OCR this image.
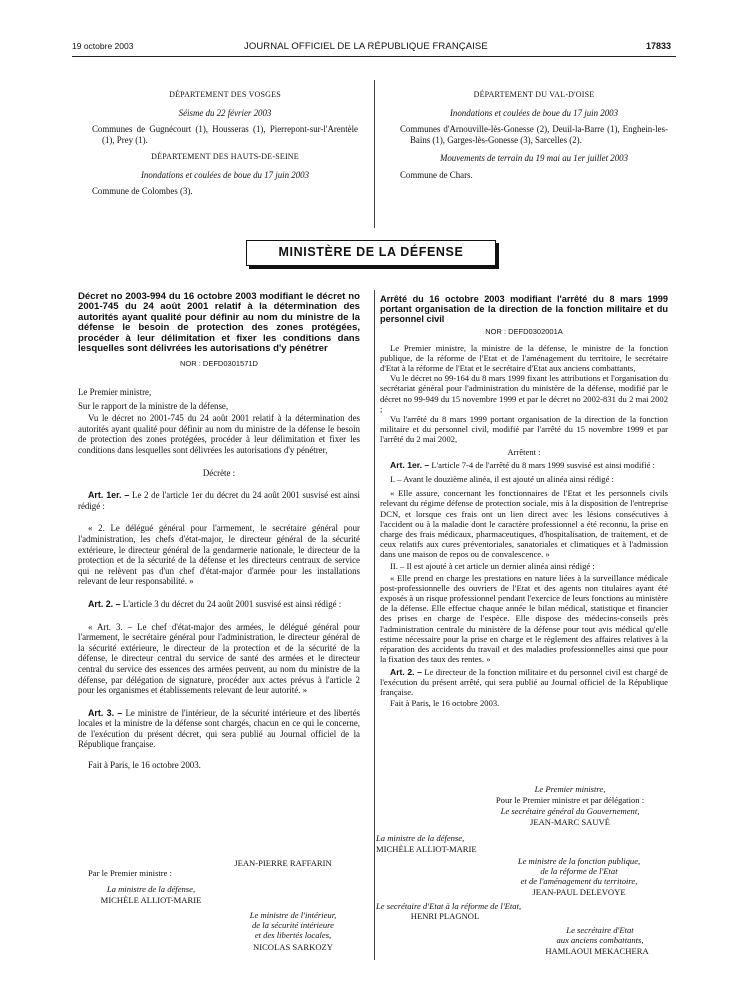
19 octobre 2003	JOURNAL OFFICIEL DE LA RÉPUBLIQUE FRANÇAISE	17833

DÉPARTEMENT DES VOSGES

Séisme du 22 février 2003

Communes de Gugnécourt (1), Housseras (1), Pierrepont-sur-l'Arentèle (1), Prey (1).

DÉPARTEMENT DES HAUTS-DE-SEINE

Inondations et coulées de boue du 17 juin 2003

Commune de Colombes (3).

DÉPARTEMENT DU VAL-D'OISE

Inondations et coulées de boue du 17 juin 2003

Communes d'Arnouville-lès-Gonesse (2), Deuil-la-Barre (1), Enghein-les-Bains (1), Garges-lès-Gonesse (3), Sarcelles (2).

Mouvements de terrain du 19 mai au 1er juillet 2003

Commune de Chars.

MINISTÈRE DE LA DÉFENSE

Décret no 2003-994 du 16 octobre 2003 modifiant le décret no 2001-745 du 24 août 2001 relatif à la détermination des autorités ayant qualité pour définir au nom du ministre de la défense le besoin de protection des zones protégées, procéder à leur délimitation et fixer les conditions dans lesquelles sont délivrées les autorisations d'y pénétrer

NOR : DEFD0301571D

Le Premier ministre,

Sur le rapport de la ministre de la défense,

Vu le décret no 2001-745 du 24 août 2001 relatif à la détermination des autorités ayant qualité pour définir au nom du ministre de la défense le besoin de protection des zones protégées, procéder à leur délimitation et fixer les conditions dans lesquelles sont délivrées les autorisations d'y pénétrer,

Décrète :

Art. 1er. – Le 2 de l'article 1er du décret du 24 août 2001 susvisé est ainsi rédigé :

« 2. Le délégué général pour l'armement, le secrétaire général pour l'administration, les chefs d'état-major, le directeur général de la sécurité extérieure, le directeur général de la gendarmerie nationale, le directeur de la protection et de la sécurité de la défense et les directeurs centraux de service qui ne relèvent pas d'un chef d'état-major d'armée pour les installations relevant de leur responsabilité. »

Art. 2. – L'article 3 du décret du 24 août 2001 susvisé est ainsi rédigé :

« Art. 3. – Le chef d'état-major des armées, le délégué général pour l'armement, le secrétaire général pour l'administration, le directeur général de la sécurité extérieure, le directeur de la protection et de la sécurité de la défense, le directeur central du service de santé des armées et le directeur central du service des essences des armées peuvent, au nom du ministre de la défense, par délégation de signature, procéder aux actes prévus à l'article 2 pour les organismes et établissements relevant de leur autorité. »

Art. 3. – Le ministre de l'intérieur, de la sécurité intérieure et des libertés locales et la ministre de la défense sont chargés, chacun en ce qui le concerne, de l'exécution du présent décret, qui sera publié au Journal officiel de la République française.

Fait à Paris, le 16 octobre 2003.

JEAN-PIERRE RAFFARIN
Par le Premier ministre :
La ministre de la défense,
MICHÈLE ALLIOT-MARIE
Le ministre de l'intérieur,
de la sécurité intérieure
et des libertés locales,
NICOLAS SARKOZY

Arrêté du 16 octobre 2003 modifiant l'arrêté du 8 mars 1999 portant organisation de la direction de la fonction militaire et du personnel civil

NOR : DEFD0302001A

Le Premier ministre, la ministre de la défense, le ministre de la fonction publique, de la réforme de l'Etat et de l'aménagement du territoire, le secrétaire d'Etat à la réforme de l'Etat et le secrétaire d'Etat aux anciens combattants,

Vu le décret no 99-164 du 8 mars 1999 fixant les attributions et l'organisation du secrétariat général pour l'administration du ministère de la défense, modifié par le décret no 99-949 du 15 novembre 1999 et par le décret no 2002-831 du 2 mai 2002 ;

Vu l'arrêté du 8 mars 1999 portant organisation de la direction de la fonction militaire et du personnel civil, modifié par l'arrêté du 15 novembre 1999 et par l'arrêté du 2 mai 2002,

Arrêtent :

Art. 1er. – L'article 7-4 de l'arrêté du 8 mars 1999 susvisé est ainsi modifié :

I. – Avant le douzième alinéa, il est ajouté un alinéa ainsi rédigé :

« Elle assure, concernant les fonctionnaires de l'Etat et les personnels civils relevant du régime défense de protection sociale, mis à la disposition de l'entreprise DCN, et lorsque ces frais ont un lien direct avec les lésions consécutives à l'accident ou à la maladie dont le caractère professionnel a été reconnu, la prise en charge des frais médicaux, pharmaceutiques, d'hospitalisation, de traitement, et de ceux relatifs aux cures préventoriales, sanatoriales et climatiques et à l'admission dans une maison de repos ou de convalescence. »

II. – Il est ajouté à cet article un dernier alinéa ainsi rédigé :

« Elle prend en charge les prestations en nature liées à la surveillance médicale post-professionnelle des ouvriers de l'Etat et des agents non titulaires ayant été exposés à un risque professionnel pendant l'exercice de leurs fonctions au ministère de la défense. Elle effectue chaque année le bilan médical, statistique et financier des prises en charge de l'espèce. Elle dispose des médecins-conseils près l'administration centrale du ministère de la défense pour tout avis médical qu'elle estime nécessaire pour la prise en charge et le règlement des affaires relatives à la réparation des accidents du travail et des maladies professionnelles ainsi que pour la fixation des taux des rentes. »

Art. 2. – Le directeur de la fonction militaire et du personnel civil est chargé de l'exécution du présent arrêté, qui sera publié au Journal officiel de la République française.

Fait à Paris, le 16 octobre 2003.

Le Premier ministre,
Pour le Premier ministre et par délégation :
Le secrétaire général du Gouvernement,
JEAN-MARC SAUVÉ
La ministre de la défense,
MICHÈLE ALLIOT-MARIE
Le ministre de la fonction publique,
de la réforme de l'Etat
et de l'aménagement du territoire,
JEAN-PAUL DELEVOYE
Le secrétaire d'Etat à la réforme de l'Etat,
HENRI PLAGNOL
Le secrétaire d'Etat
aux anciens combattants,
HAMLAOUI MEKACHERA
